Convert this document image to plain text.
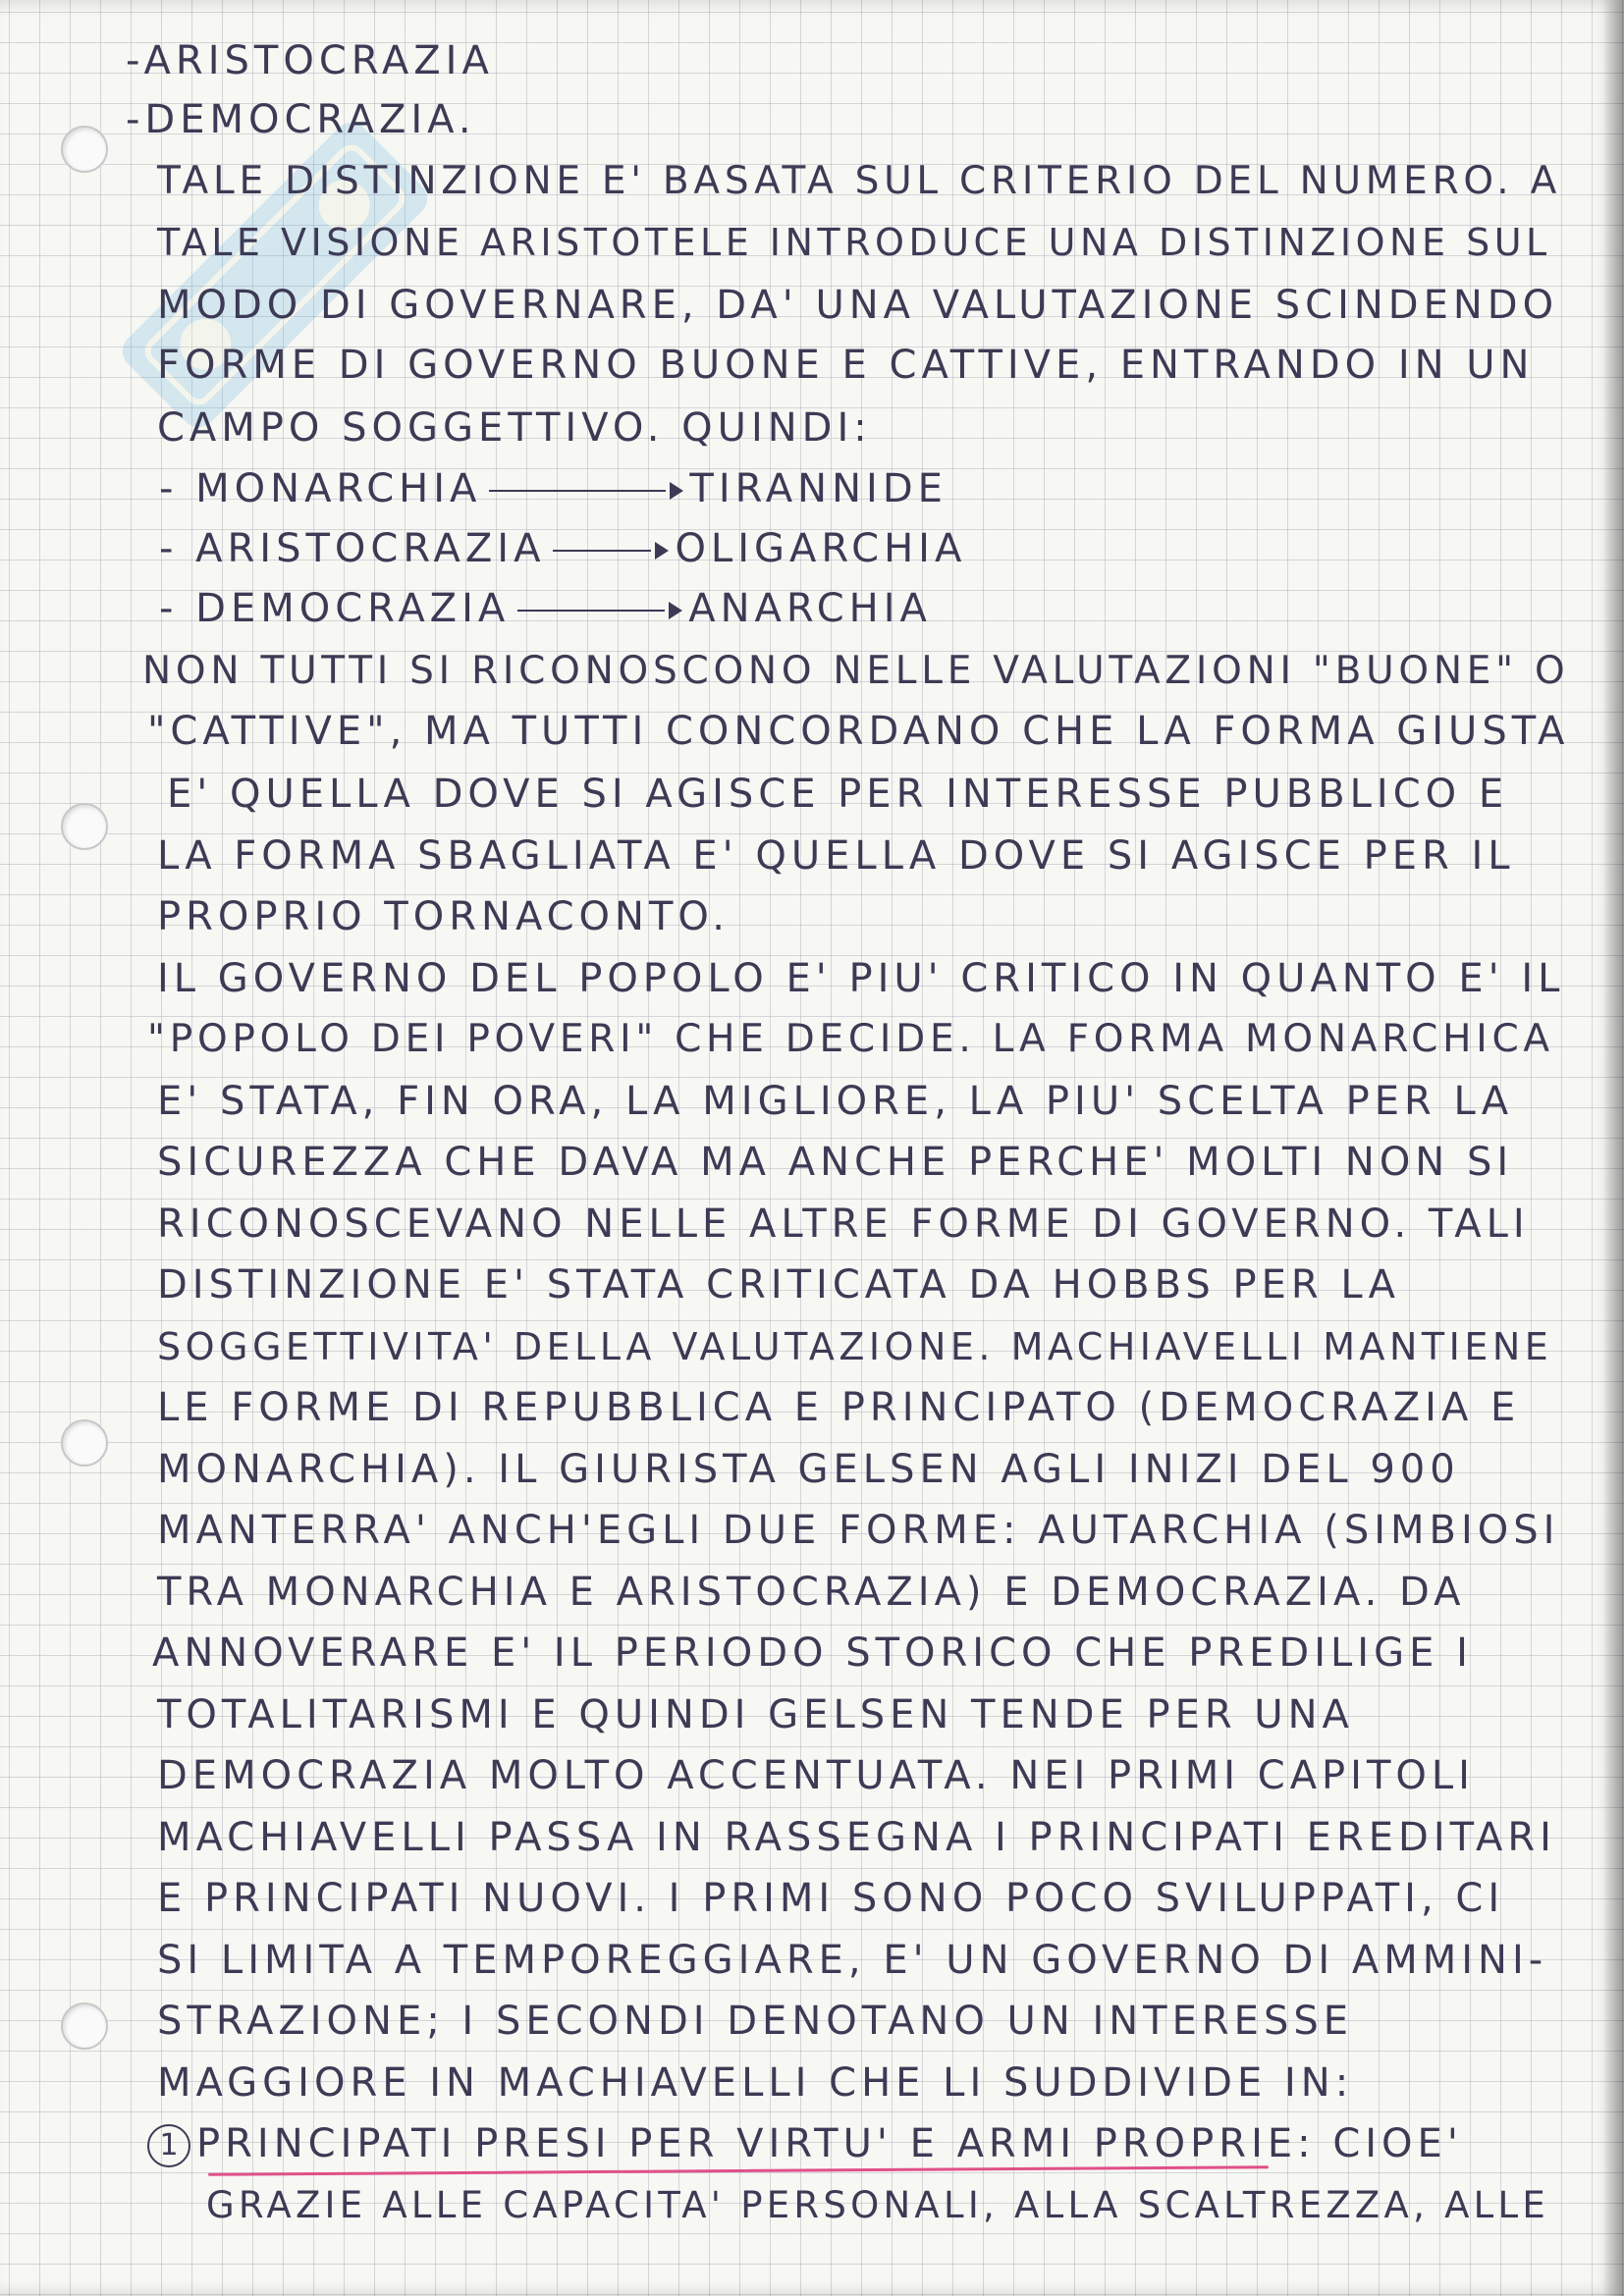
-ARISTOCRAZIA
-DEMOCRAZIA.
TALE DISTINZIONE E' BASATA SUL CRITERIO DEL NUMERO. A
TALE VISIONE ARISTOTELE INTRODUCE UNA DISTINZIONE SUL
MODO DI GOVERNARE, DA' UNA VALUTAZIONE SCINDENDO
FORME DI GOVERNO BUONE E CATTIVE, ENTRANDO IN UN
CAMPO SOGGETTIVO. QUINDI:
- MONARCHIA	TIRANNIDE
- ARISTOCRAZIA	OLIGARCHIA
- DEMOCRAZIA	ANARCHIA
NON TUTTI SI RICONOSCONO NELLE VALUTAZIONI "BUONE" O
"CATTIVE", MA TUTTI CONCORDANO CHE LA FORMA GIUSTA
E' QUELLA DOVE SI AGISCE PER INTERESSE PUBBLICO E
LA FORMA SBAGLIATA E' QUELLA DOVE SI AGISCE PER IL
PROPRIO TORNACONTO.
IL GOVERNO DEL POPOLO E' PIU' CRITICO IN QUANTO E' IL
"POPOLO DEI POVERI" CHE DECIDE. LA FORMA MONARCHICA
E' STATA, FIN ORA, LA MIGLIORE, LA PIU' SCELTA PER LA
SICUREZZA CHE DAVA MA ANCHE PERCHE' MOLTI NON SI
RICONOSCEVANO NELLE ALTRE FORME DI GOVERNO. TALI
DISTINZIONE E' STATA CRITICATA DA HOBBS PER LA
SOGGETTIVITA' DELLA VALUTAZIONE. MACHIAVELLI MANTIENE
LE FORME DI REPUBBLICA E PRINCIPATO (DEMOCRAZIA E
MONARCHIA). IL GIURISTA GELSEN AGLI INIZI DEL 900
MANTERRA' ANCH'EGLI DUE FORME: AUTARCHIA (SIMBIOSI
TRA MONARCHIA E ARISTOCRAZIA) E DEMOCRAZIA. DA
ANNOVERARE E' IL PERIODO STORICO CHE PREDILIGE I
TOTALITARISMI E QUINDI GELSEN TENDE PER UNA
DEMOCRAZIA MOLTO ACCENTUATA. NEI PRIMI CAPITOLI
MACHIAVELLI PASSA IN RASSEGNA I PRINCIPATI EREDITARI
E PRINCIPATI NUOVI. I PRIMI SONO POCO SVILUPPATI, CI
SI LIMITA A TEMPOREGGIARE, E' UN GOVERNO DI AMMINI-
STRAZIONE; I SECONDI DENOTANO UN INTERESSE
MAGGIORE IN MACHIAVELLI CHE LI SUDDIVIDE IN:
1 PRINCIPATI PRESI PER VIRTU' E ARMI PROPRIE: CIOE'
GRAZIE ALLE CAPACITA' PERSONALI, ALLA SCALTREZZA, ALLE
